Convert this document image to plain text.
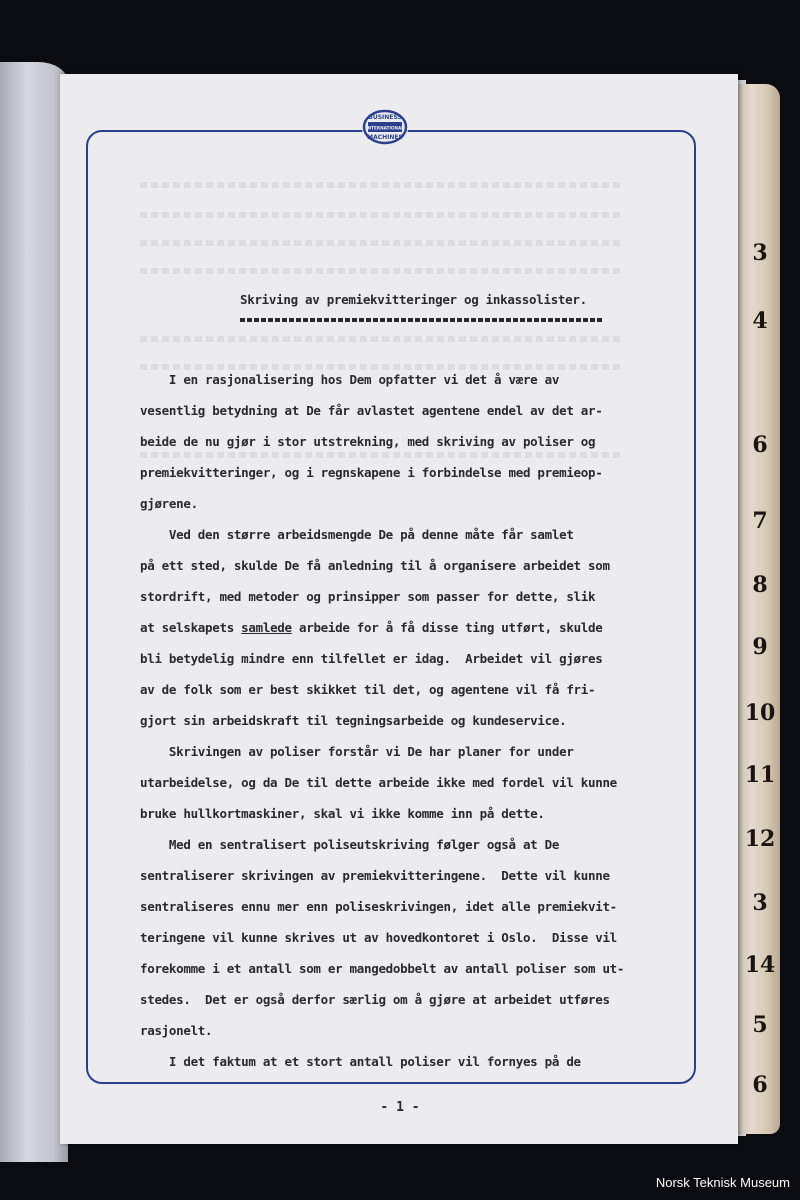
3
4
6
7
8
9
10
11
12
3
14
5
6
BUSINESS
INTERNATIONAL
MACHINES
Skriving av premiekvitteringer og inkassolister.
I en rasjonalisering hos Dem opfatter vi det å være av
vesentlig betydning at De får avlastet agentene endel av det ar-
beide de nu gjør i stor utstrekning, med skriving av poliser og
premiekvitteringer, og i regnskapene i forbindelse med premieop-
gjørene.
Ved den større arbeidsmengde De på denne måte får samlet
på ett sted, skulde De få anledning til å organisere arbeidet som
stordrift, med metoder og prinsipper som passer for dette, slik
at selskapets samlede arbeide for å få disse ting utført, skulde
bli betydelig mindre enn tilfellet er idag.  Arbeidet vil gjøres
av de folk som er best skikket til det, og agentene vil få fri-
gjort sin arbeidskraft til tegningsarbeide og kundeservice.
Skrivingen av poliser forstår vi De har planer for under
utarbeidelse, og da De til dette arbeide ikke med fordel vil kunne
bruke hullkortmaskiner, skal vi ikke komme inn på dette.
Med en sentralisert poliseutskriving følger også at De
sentraliserer skrivingen av premiekvitteringene.  Dette vil kunne
sentraliseres ennu mer enn poliseskrivingen, idet alle premiekvit-
teringene vil kunne skrives ut av hovedkontoret i Oslo.  Disse vil
forekomme i et antall som er mangedobbelt av antall poliser som ut-
stedes.  Det er også derfor særlig om å gjøre at arbeidet utføres
rasjonelt.
I det faktum at et stort antall poliser vil fornyes på de
- 1 -
Norsk Teknisk Museum
